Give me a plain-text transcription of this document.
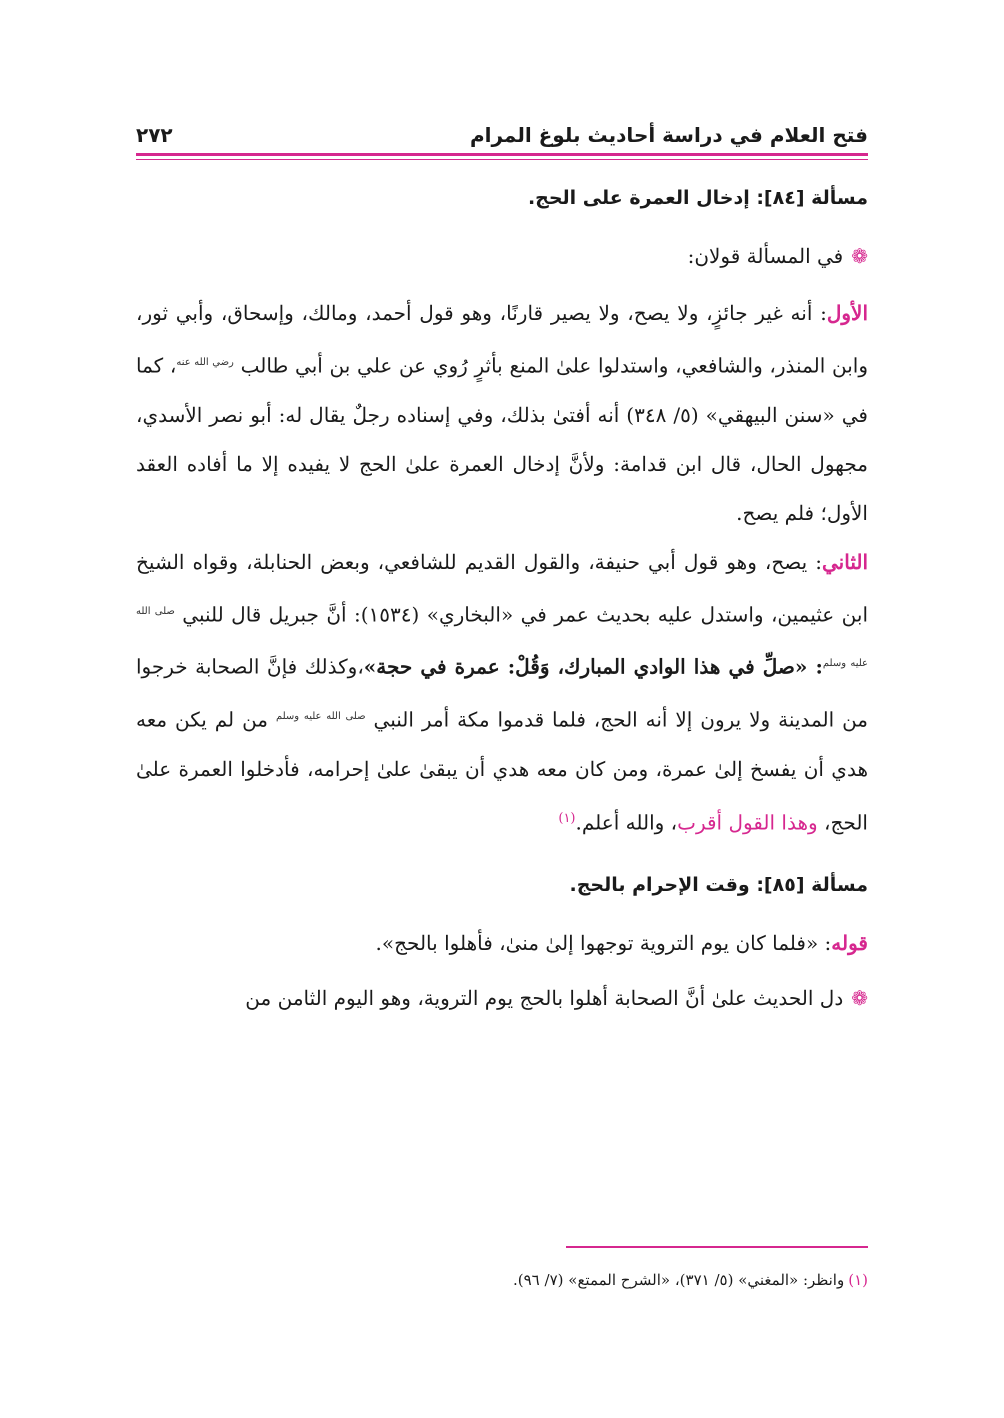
فتح العلام في دراسة أحاديث بلوغ المرام
٢٧٢
مسألة [٨٤]: إدخال العمرة على الحج.

❁في المسألة قولان:

الأول: أنه غير جائزٍ، ولا يصح، ولا يصير قارنًا، وهو قول أحمد، ومالك، وإسحاق، وأبي ثور، وابن المنذر، والشافعي، واستدلوا علىٰ المنع بأثرٍ رُوي عن علي بن أبي طالب $^{رضي الله عنه}$، كما في «سنن البيهقي» (٥/ ٣٤٨) أنه أفتىٰ بذلك، وفي إسناده رجلٌ يقال له: أبو نصر الأسدي، مجهول الحال، قال ابن قدامة: ولأنَّ إدخال العمرة علىٰ الحج لا يفيده إلا ما أفاده العقد الأول؛ فلم يصح.

الثاني: يصح، وهو قول أبي حنيفة، والقول القديم للشافعي، وبعض الحنابلة، وقواه الشيخ ابن عثيمين، واستدل عليه بحديث عمر في «البخاري» (١٥٣٤): أنَّ جبريل قال للنبي $^{صلى الله عليه وسلم}$: «صلِّ في هذا الوادي المبارك، وَقُلْ: عمرة في حجة»،وكذلك فإنَّ الصحابة خرجوا من المدينة ولا يرون إلا أنه الحج، فلما قدموا مكة أمر النبي $^{صلى الله عليه وسلم}$ من لم يكن معه هدي أن يفسخ إلىٰ عمرة، ومن كان معه هدي أن يبقىٰ علىٰ إحرامه، فأدخلوا العمرة علىٰ الحج، وهذا القول أقرب، والله أعلم.$^{(١)}$

مسألة [٨٥]: وقت الإحرام بالحج.

قوله: «فلما كان يوم التروية توجهوا إلىٰ منىٰ، فأهلوا بالحج».

❁دل الحديث علىٰ أنَّ الصحابة أهلوا بالحج يوم التروية، وهو اليوم الثامن من

(١)وانظر: «المغني» (٥/ ٣٧١)، «الشرح الممتع» (٧/ ٩٦).
